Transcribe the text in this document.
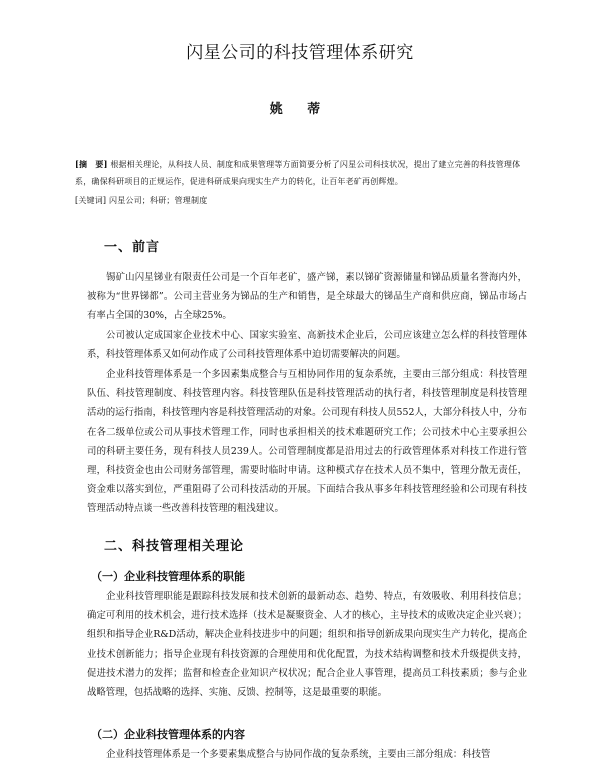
闪星公司的科技管理体系研究
姚 蒂
[摘　要] 根据相关理论，从科技人员、制度和成果管理等方面简要分析了闪星公司科技状况，提出了建立完善的科技管理体系，确保科研项目的正规运作，促进科研成果向现实生产力的转化，让百年老矿再创辉煌。
[关键词] 闪星公司；科研；管理制度
一、前言

锡矿山闪星锑业有限责任公司是一个百年老矿，盛产锑，素以锑矿资源储量和锑品质量名誉海内外，被称为“世界锑都”。公司主营业务为锑品的生产和销售，是全球最大的锑品生产商和供应商，锑品市场占有率占全国的30%，占全球25%。

公司被认定成国家企业技术中心、国家实验室、高新技术企业后，公司应该建立怎么样的科技管理体系，科技管理体系又如何动作成了公司科技管理体系中迫切需要解决的问题。

企业科技管理体系是一个多因素集成整合与互相协同作用的复杂系统，主要由三部分组成：科技管理队伍、科技管理制度、科技管理内容。科技管理队伍是科技管理活动的执行者，科技管理制度是科技管理活动的运行指南，科技管理内容是科技管理活动的对象。公司现有科技人员552人，大部分科技人中，分布在各二级单位或公司从事技术管理工作，同时也承担相关的技术难题研究工作；公司技术中心主要承担公司的科研主要任务，现有科技人员239人。公司管理制度都是沿用过去的行政管理体系对科技工作进行管理，科技资金也由公司财务部管理，需要时临时申请。这种模式存在技术人员不集中，管理分散无责任，资金难以落实到位，严重阻碍了公司科技活动的开展。下面结合我从事多年科技管理经验和公司现有科技管理活动特点谈一些改善科技管理的粗浅建议。

二、科技管理相关理论
（一）企业科技管理体系的职能

企业科技管理职能是跟踪科技发展和技术创新的最新动态、趋势、特点，有效吸收、利用科技信息；确定可利用的技术机会，进行技术选择（技术是凝聚资金、人才的核心，主导技术的成败决定企业兴衰）；组织和指导企业R&D活动，解决企业科技进步中的问题；组织和指导创新成果向现实生产力转化，提高企业技术创新能力；指导企业现有科技资源的合理使用和优化配置，为技术结构调整和技术升级提供支持，促进技术潜力的发挥；监督和检查企业知识产权状况；配合企业人事管理，提高员工科技素质；参与企业战略管理，包括战略的选择、实施、反馈、控制等，这是最重要的职能。

（二）企业科技管理体系的内容

企业科技管理体系是一个多要素集成整合与协同作战的复杂系统，主要由三部分组成：科技管
